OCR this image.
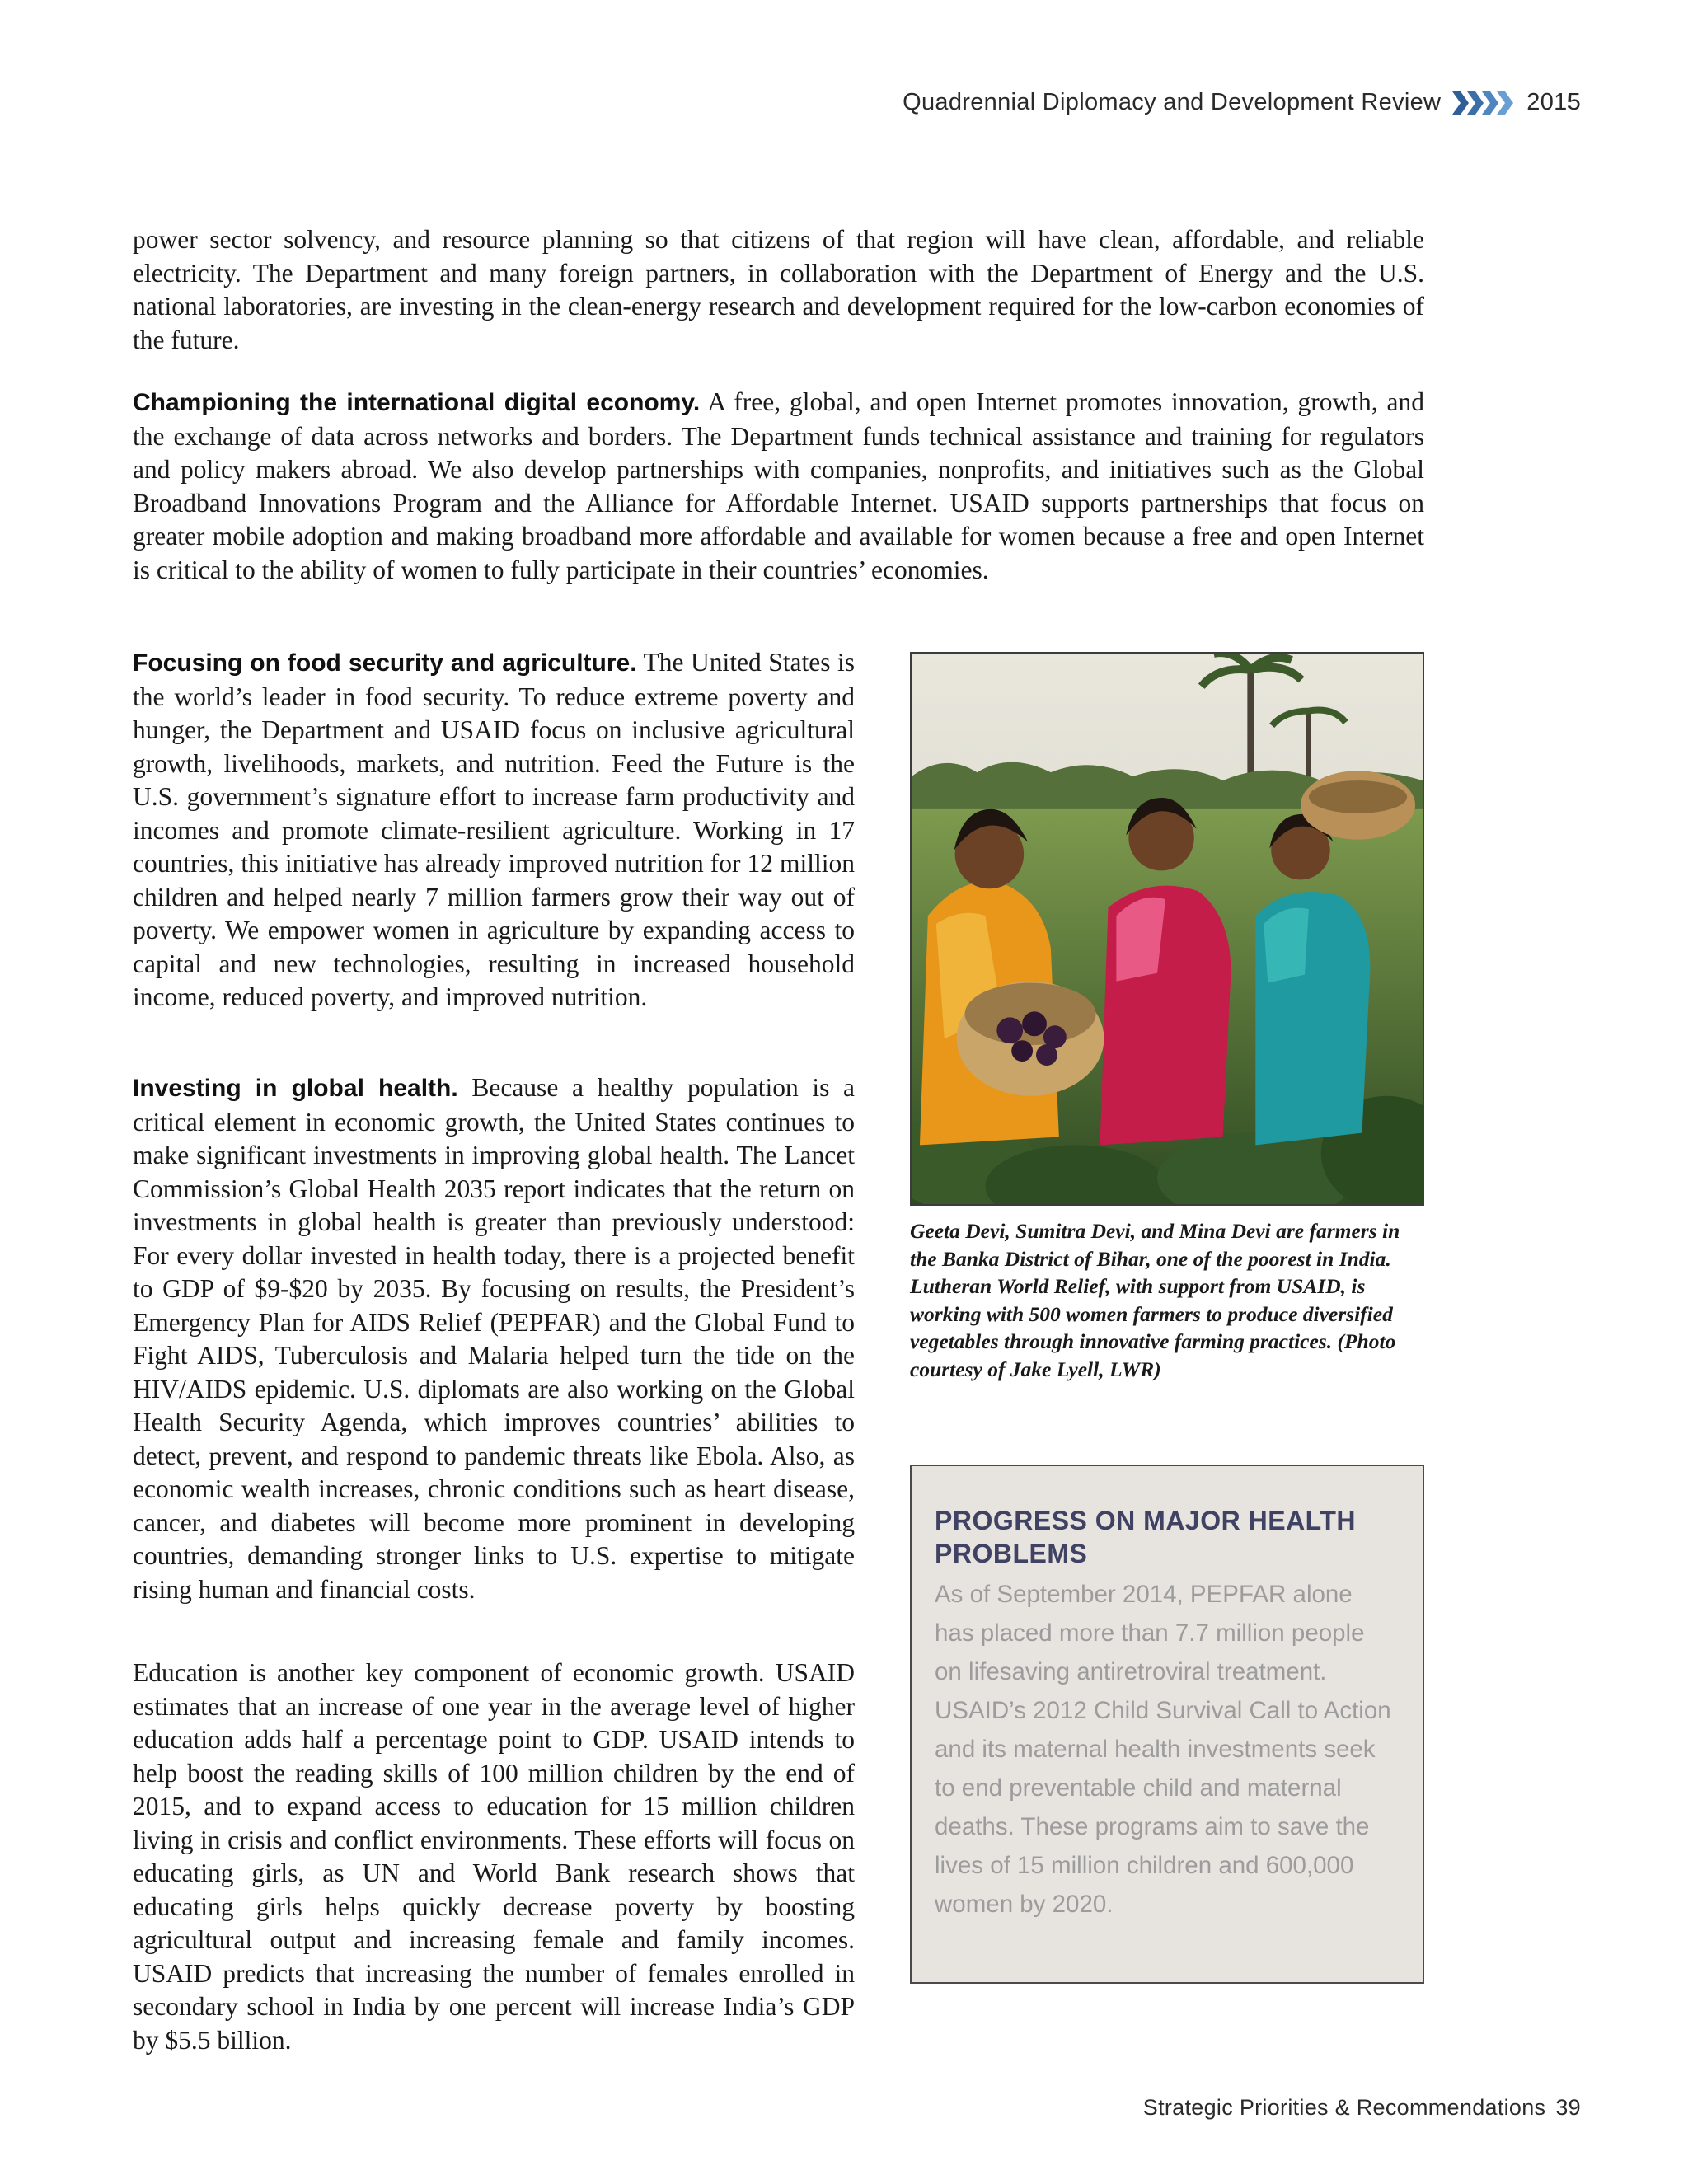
Quadrennial Diplomacy and Development Review	2015

power sector solvency, and resource planning so that citizens of that region will have clean, affordable, and reliable electricity. The Department and many foreign partners, in collaboration with the Department of Energy and the U.S. national laboratories, are investing in the clean-energy research and development required for the low-carbon economies of the future.

Championing the international digital economy. A free, global, and open Internet promotes innovation, growth, and the exchange of data across networks and borders. The Department funds technical assistance and training for regulators and policy makers abroad. We also develop partnerships with companies, nonprofits, and initiatives such as the Global Broadband Innovations Program and the Alliance for Affordable Internet. USAID supports partnerships that focus on greater mobile adoption and making broadband more affordable and available for women because a free and open Internet is critical to the ability of women to fully participate in their countries’ economies.

Focusing on food security and agriculture. The United States is the world’s leader in food security. To reduce extreme poverty and hunger, the Department and USAID focus on inclusive agricultural growth, livelihoods, markets, and nutrition. Feed the Future is the U.S. government’s signature effort to increase farm productivity and incomes and promote climate-resilient agriculture. Working in 17 countries, this initiative has already improved nutrition for 12 million children and helped nearly 7 million farmers grow their way out of poverty. We empower women in agriculture by expanding access to capital and new technologies, resulting in increased household income, reduced poverty, and improved nutrition.

Investing in global health. Because a healthy population is a critical element in economic growth, the United States continues to make significant investments in improving global health. The Lancet Commission’s Global Health 2035 report indicates that the return on investments in global health is greater than previously understood: For every dollar invested in health today, there is a projected benefit to GDP of $9-$20 by 2035. By focusing on results, the President’s Emergency Plan for AIDS Relief (PEPFAR) and the Global Fund to Fight AIDS, Tuberculosis and Malaria helped turn the tide on the HIV/AIDS epidemic. U.S. diplomats are also working on the Global Health Security Agenda, which improves countries’ abilities to detect, prevent, and respond to pandemic threats like Ebola. Also, as economic wealth increases, chronic conditions such as heart disease, cancer, and diabetes will become more prominent in developing countries, demanding stronger links to U.S. expertise to mitigate rising human and financial costs.

Education is another key component of economic growth. USAID estimates that an increase of one year in the average level of higher education adds half a percentage point to GDP. USAID intends to help boost the reading skills of 100 million children by the end of 2015, and to expand access to education for 15 million children living in crisis and conflict environments. These efforts will focus on educating girls, as UN and World Bank research shows that educating girls helps quickly decrease poverty by boosting agricultural output and increasing female and family incomes. USAID predicts that increasing the number of females enrolled in secondary school in India by one percent will increase India’s GDP by $5.5 billion.

Geeta Devi, Sumitra Devi, and Mina Devi are farmers in the Banka District of Bihar, one of the poorest in India. Lutheran World Relief, with support from USAID, is working with 500 women farmers to produce diversified vegetables through innovative farming practices. (Photo courtesy of Jake Lyell, LWR)

PROGRESS ON MAJOR HEALTH PROBLEMS

As of September 2014, PEPFAR alone has placed more than 7.7 million people on lifesaving antiretroviral treatment. USAID’s 2012 Child Survival Call to Action and its maternal health investments seek to end preventable child and maternal deaths. These programs aim to save the lives of 15 million children and 600,000 women by 2020.

Strategic Priorities & Recommendations 39
